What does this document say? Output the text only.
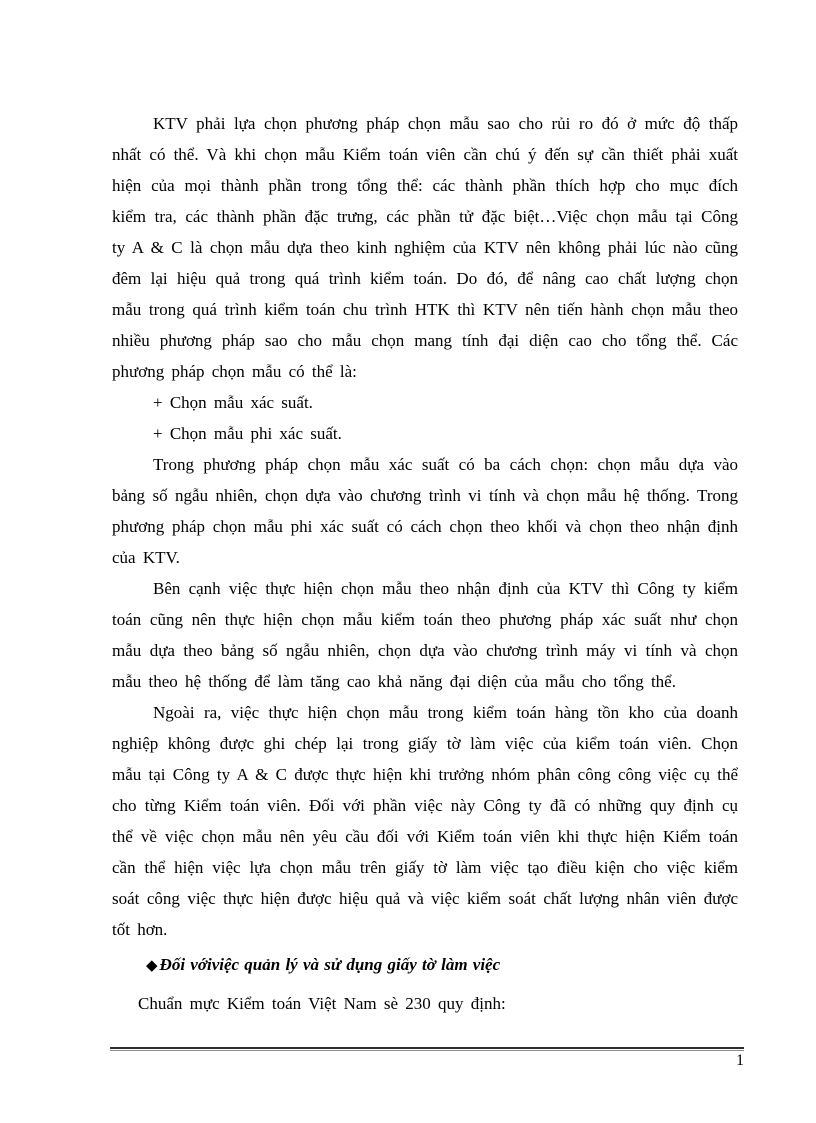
KTV phải lựa chọn phương pháp chọn mẫu sao cho rủi ro đó ở mức độ thấp nhất có thể. Và khi chọn mẫu Kiểm toán viên cần chú ý đến sự cần thiết phải xuất hiện của mọi thành phần trong tổng thể: các thành phần thích hợp cho mục đích kiểm tra, các thành phần đặc trưng, các phần tử đặc biệt…Việc chọn mẫu tại Công ty A & C là chọn mẫu dựa theo kinh nghiệm của KTV nên không phải lúc nào cũng đêm lại hiệu quả trong quá trình kiểm toán. Do đó, để nâng cao chất lượng chọn mẫu trong quá trình kiểm toán chu trình HTK thì KTV nên tiến hành chọn mẫu theo nhiều phương pháp sao cho mẫu chọn mang tính đại diện cao cho tổng thể. Các phương pháp chọn mẫu có thể là:

+ Chọn mẫu xác suất.

+ Chọn mẫu phi xác suất.

Trong phương pháp chọn mẫu xác suất có ba cách chọn: chọn mẫu dựa vào bảng số ngẫu nhiên, chọn dựa vào chương trình vi tính và chọn mẫu hệ thống. Trong phương pháp chọn mẫu phi xác suất có cách chọn theo khối và chọn theo nhận định của KTV.

Bên cạnh việc thực hiện chọn mẫu theo nhận định của KTV thì Công ty kiểm toán cũng nên thực hiện chọn mẫu kiểm toán theo phương pháp xác suất như chọn mẫu dựa theo bảng số ngẫu nhiên, chọn dựa vào chương trình máy vi tính và chọn mẫu theo hệ thống để làm tăng cao khả năng đại diện của mẫu cho tổng thể.

Ngoài ra, việc thực hiện chọn mẫu trong kiểm toán hàng tồn kho của doanh nghiệp không được ghi chép lại trong giấy tờ làm việc của kiểm toán viên. Chọn mẫu tại Công ty A & C được thực hiện khi trưởng nhóm phân công công việc cụ thể cho từng Kiểm toán viên. Đối với phần việc này Công ty đã có những quy định cụ thể về việc chọn mẫu nên yêu cầu đối với Kiểm toán viên khi thực hiện Kiểm toán cần thể hiện việc lựa chọn mẫu trên giấy tờ làm việc tạo điều kiện cho việc kiểm soát công việc thực hiện được hiệu quả và việc kiểm soát chất lượng nhân viên được tốt hơn.

◆ Đối vớiviệc quản lý và sử dụng giấy tờ làm việc

Chuẩn mực Kiểm toán Việt Nam sè 230 quy định:

1
